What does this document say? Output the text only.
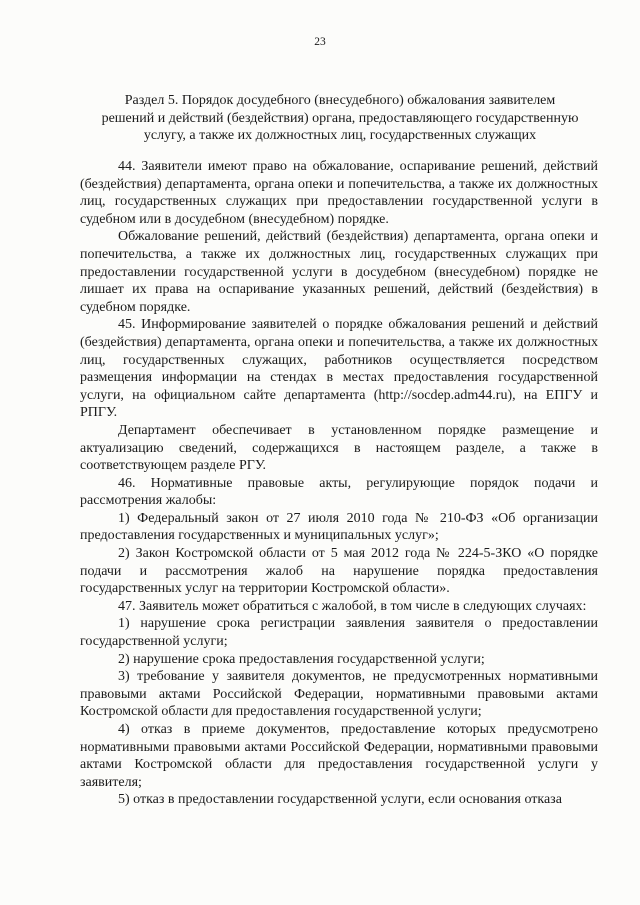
23
Раздел 5. Порядок досудебного (внесудебного) обжалования заявителем
решений и действий (бездействия) органа, предоставляющего государственную
услугу, а также их должностных лиц, государственных служащих

44. Заявители имеют право на обжалование, оспаривание решений, действий (бездействия) департамента, органа опеки и попечительства, а также их должностных лиц, государственных служащих при предоставлении государственной услуги в судебном или в досудебном (внесудебном) порядке.

Обжалование решений, действий (бездействия) департамента, органа опеки и попечительства, а также их должностных лиц, государственных служащих при предоставлении государственной услуги в досудебном (внесудебном) порядке не лишает их права на оспаривание указанных решений, действий (бездействия) в судебном порядке.

45. Информирование заявителей о порядке обжалования решений и действий (бездействия) департамента, органа опеки и попечительства, а также их должностных лиц, государственных служащих, работников осуществляется посредством размещения информации на стендах в местах предоставления государственной услуги, на официальном сайте департамента (http://socdep.adm44.ru), на ЕПГУ и РПГУ.

Департамент обеспечивает в установленном порядке размещение и актуализацию сведений, содержащихся в настоящем разделе, а также в соответствующем разделе РГУ.

46. Нормативные правовые акты, регулирующие порядок подачи и рассмотрения жалобы:

1) Федеральный закон от 27 июля 2010 года № 210-ФЗ «Об организации предоставления государственных и муниципальных услуг»;

2) Закон Костромской области от 5 мая 2012 года № 224-5-ЗКО «О порядке подачи и рассмотрения жалоб на нарушение порядка предоставления государственных услуг на территории Костромской области».

47. Заявитель может обратиться с жалобой, в том числе в следующих случаях:

1) нарушение срока регистрации заявления заявителя о предоставлении государственной услуги;

2) нарушение срока предоставления государственной услуги;

3) требование у заявителя документов, не предусмотренных нормативными правовыми актами Российской Федерации, нормативными правовыми актами Костромской области для предоставления государственной услуги;

4) отказ в приеме документов, предоставление которых предусмотрено нормативными правовыми актами Российской Федерации, нормативными правовыми актами Костромской области для предоставления государственной услуги у заявителя;

5) отказ в предоставлении государственной услуги, если основания отказа
